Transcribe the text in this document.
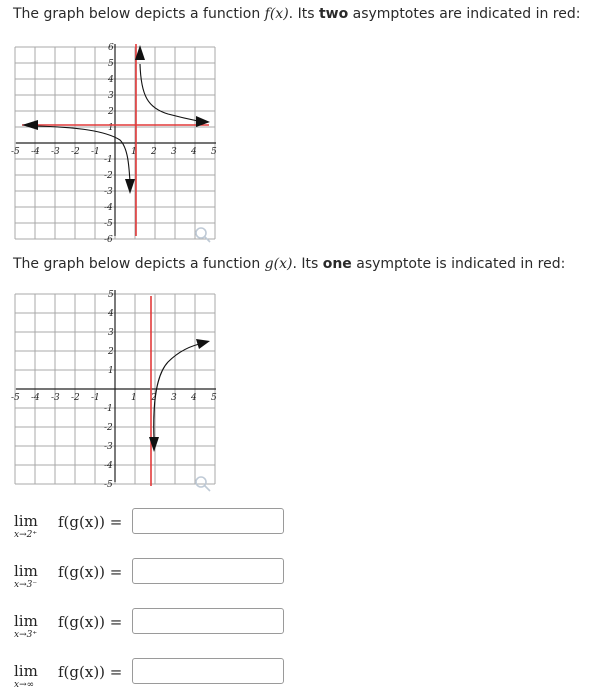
The graph below depicts a function f(x). Its two asymptotes are indicated in red:
-5 -4 -3 -2 -1	1 2 3 4 5
6
5
4
3
2
1
-1
-2
-3
-4
-5
-6
The graph below depicts a function g(x). Its one asymptote is indicated in red:
-5 -4 -3 -2 -1	1 2 3 4 5
5
4
3
2
1
-1
-2
-3
-4
-5
lim
x→2⁺
f(g(x)) =
lim
x→3⁻
f(g(x)) =
lim
x→3⁺
f(g(x)) =
lim
x→∞
f(g(x)) =
